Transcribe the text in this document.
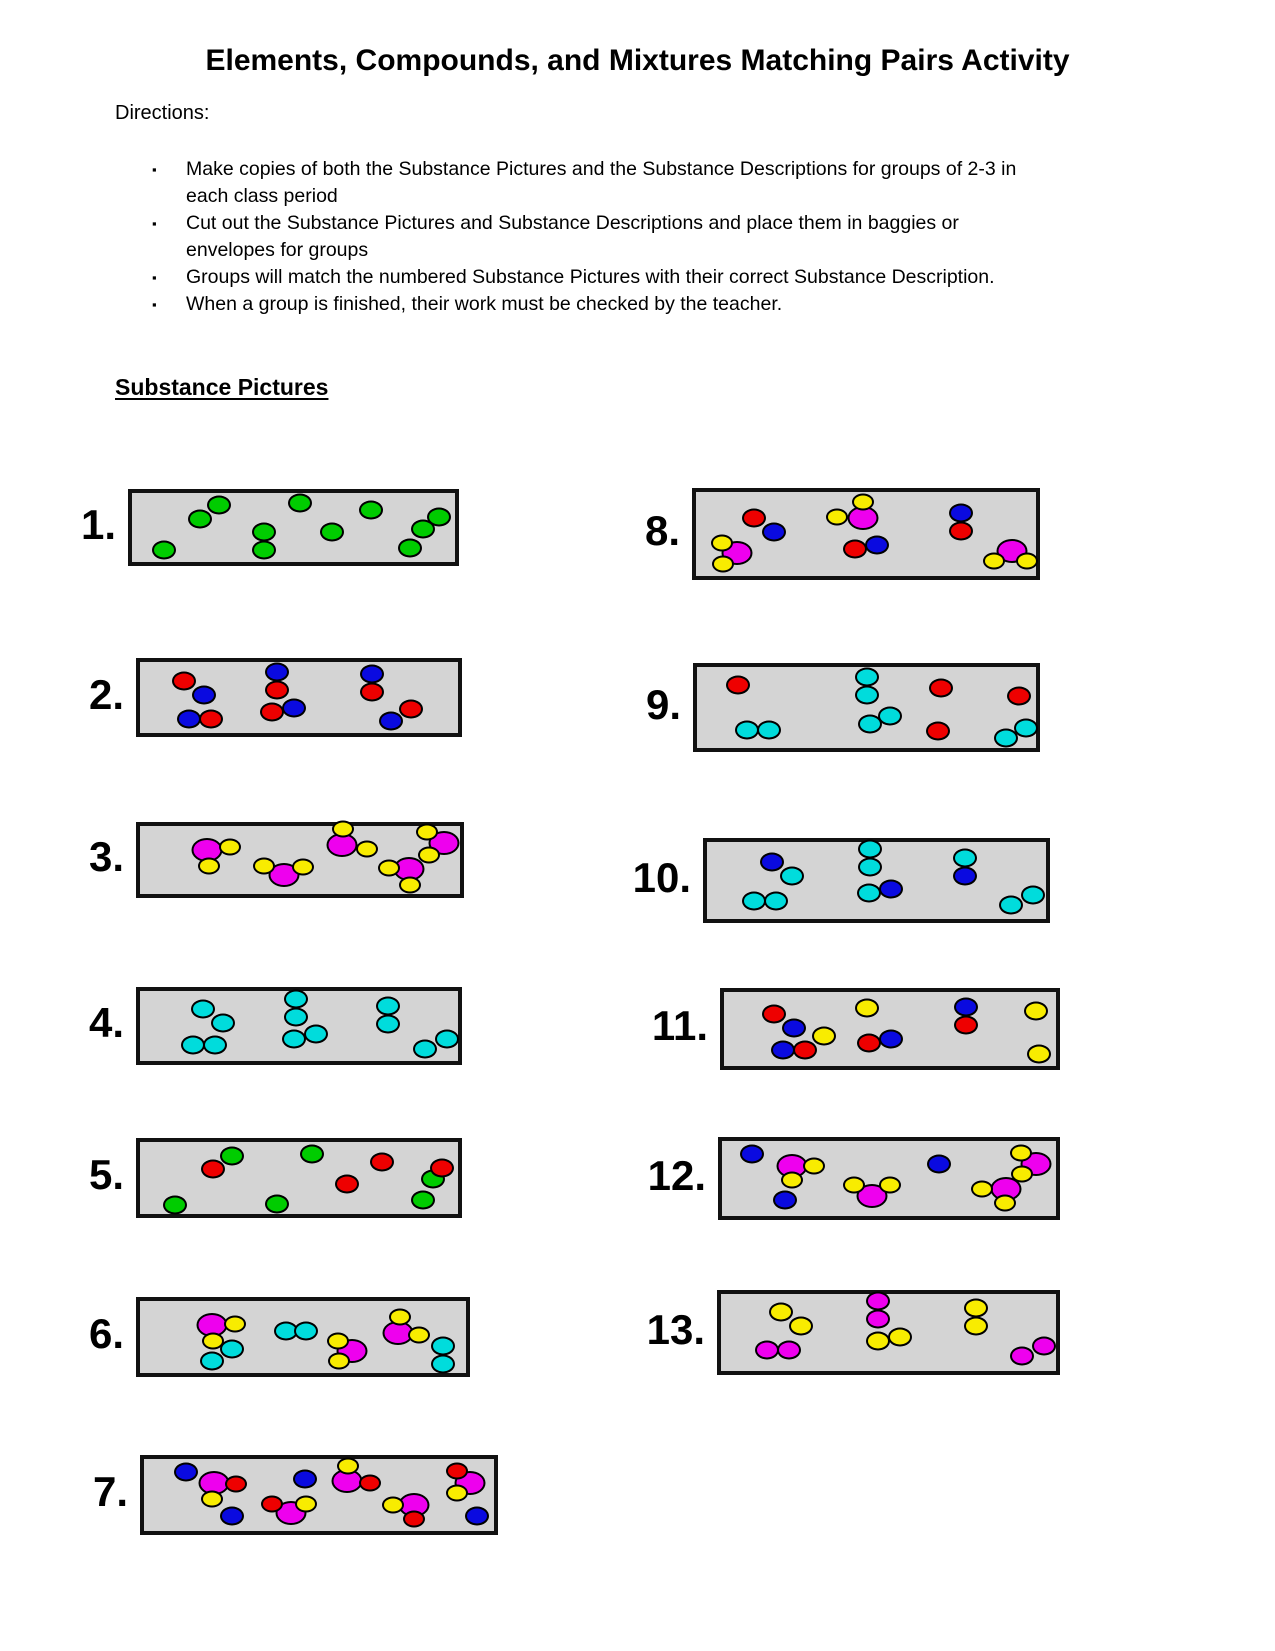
Elements, Compounds, and Mixtures Matching Pairs Activity
Directions:
▪ Make copies of both the Substance Pictures and the Substance Descriptions for groups of 2-3 in each class period
▪ Cut out the Substance Pictures and Substance Descriptions and place them in baggies or envelopes for groups
▪ Groups will match the numbered Substance Pictures with their correct Substance Description.
▪ When a group is finished, their work must be checked by the teacher.
Substance Pictures
1.
2.
3.
4.
5.
6.
7.
8.
9.
10.
11.
12.
13.
